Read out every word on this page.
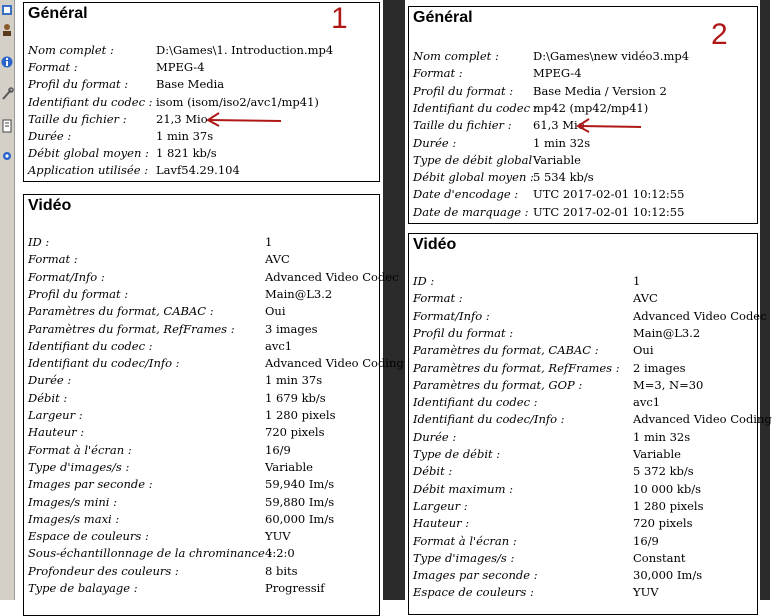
Général
Nom complet :	D:\Games\1. Introduction.mp4
Format :	MPEG-4
Profil du format : Base Media
Identifiant du codec : isom (isom/iso2/avc1/mp41)
Taille du fichier :	21,3 Mio
Durée :	1 min 37s
Débit global moyen : 1 821 kb/s
Application utilisée : Lavf54.29.104
Vidéo
ID :	1
Format :	AVC
Format/Info :	Advanced Video Codec
Profil du format :	Main@L3.2
Paramètres du format, CABAC :	Oui
Paramètres du format, RefFrames :	3 images
Identifiant du codec :	avc1
Identifiant du codec/Info :	Advanced Video Coding
Durée :	1 min 37s
Débit :	1 679 kb/s
Largeur :	1 280 pixels
Hauteur :	720 pixels
Format à l'écran :	16/9
Type d'images/s :	Variable
Images par seconde :	59,940 Im/s
Images/s mini :	59,880 Im/s
Images/s maxi :	60,000 Im/s
Espace de couleurs :	YUV
Sous-échantillonnage de la chrominance :
4:2:0
Profondeur des couleurs :	8 bits
Type de balayage :	Progressif
1	Général
Nom complet :	D:\Games\new vidéo3.mp4
Format :	MPEG-4
Profil du format : Base Media / Version 2
Identifiant du codec :
mp42 (mp42/mp41)
Taille du fichier : 61,3 Mio
Durée :	1 min 32s
Type de débit global :
Variable
Débit global moyen : 5 534 kb/s
Date d'encodage : UTC 2017-02-01 10:12:55
Date de marquage : UTC 2017-02-01 10:12:55
Vidéo
ID :	1
Format :	AVC
Format/Info :	Advanced Video Codec
Profil du format :	Main@L3.2
Paramètres du format, CABAC :	Oui
Paramètres du format, RefFrames : 2 images
Paramètres du format, GOP :	M=3, N=30
Identifiant du codec :	avc1
Identifiant du codec/Info :	Advanced Video Coding
Durée :	1 min 32s
Type de débit :	Variable
Débit :	5 372 kb/s
Débit maximum :	10 000 kb/s
Largeur :	1 280 pixels
Hauteur :	720 pixels
Format à l'écran :	16/9
Type d'images/s :	Constant
Images par seconde :	30,000 Im/s
Espace de couleurs :	YUV
2
